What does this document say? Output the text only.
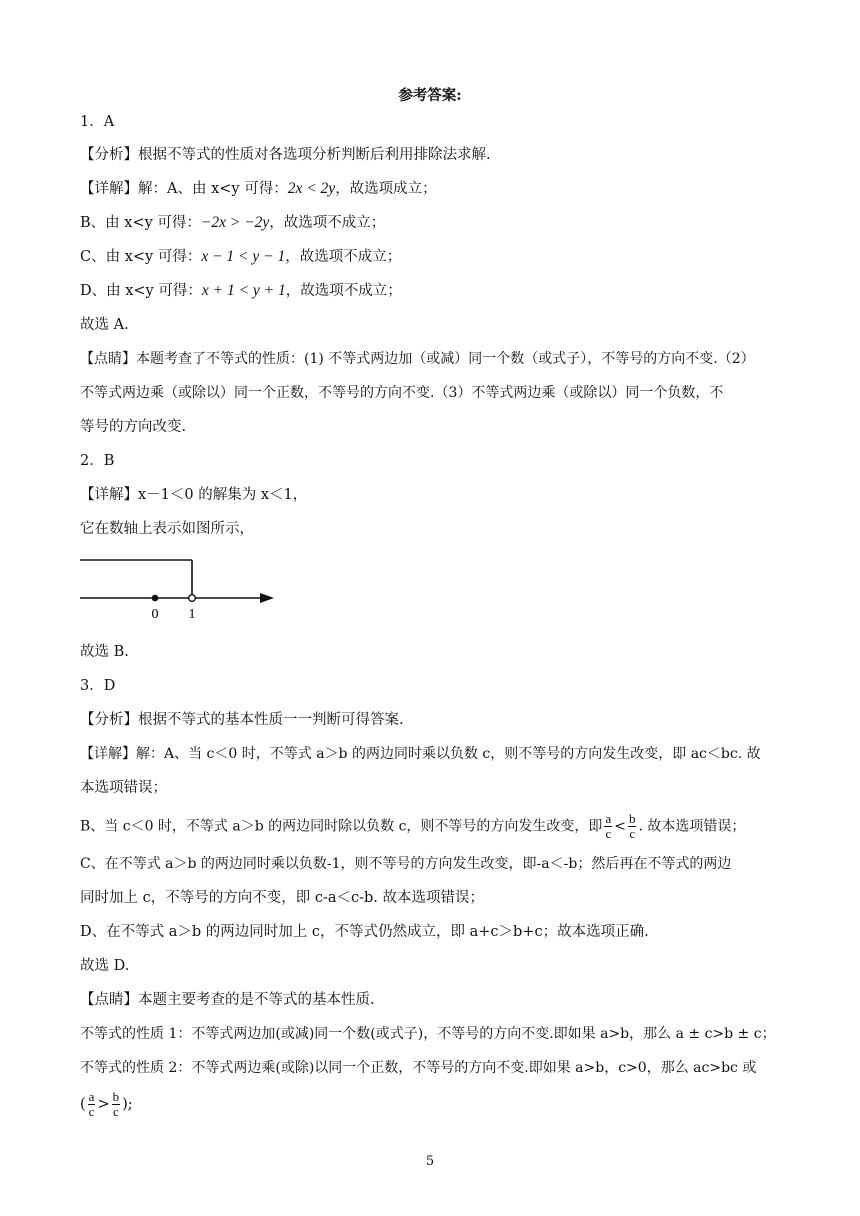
参考答案:
1．A
【分析】根据不等式的性质对各选项分析判断后利用排除法求解.
【详解】解：A、由 x<y 可得：2x < 2y，故选项成立；
B、由 x<y 可得：−2x > −2y，故选项不成立；
C、由 x<y 可得：x − 1 < y − 1，故选项不成立；
D、由 x<y 可得：x + 1 < y + 1，故选项不成立；
故选 A.
【点睛】本题考查了不等式的性质：(1) 不等式两边加（或减）同一个数（或式子），不等号的方向不变.（2）
不等式两边乘（或除以）同一个正数，不等号的方向不变.（3）不等式两边乘（或除以）同一个负数，不
等号的方向改变.
2．B
【详解】x－1＜0 的解集为 x＜1，
它在数轴上表示如图所示，
0 1
故选 B.
3．D
【分析】根据不等式的基本性质一一判断可得答案.
【详解】解：A、当 c＜0 时，不等式 a＞b 的两边同时乘以负数 c，则不等号的方向发生改变，即 ac＜bc. 故
本选项错误；
B、当 c＜0 时，不等式 a＞b 的两边同时除以负数 c，则不等号的方向发生改变，即 $\frac{a}{c} < \frac{b}{c}$ . 故本选项错误；
C、在不等式 a＞b 的两边同时乘以负数-1，则不等号的方向发生改变，即-a＜-b；然后再在不等式的两边
同时加上 c，不等号的方向不变，即 c-a＜c-b. 故本选项错误；
D、在不等式 a＞b 的两边同时加上 c，不等式仍然成立，即 a+c＞b+c；故本选项正确.
故选 D.
【点睛】本题主要考查的是不等式的基本性质.
不等式的性质 1：不等式两边加(或减)同一个数(或式子)，不等号的方向不变.即如果 a>b，那么 a ± c>b ± c；
不等式的性质 2：不等式两边乘(或除)以同一个正数，不等号的方向不变.即如果 a>b，c>0，那么 ac>bc 或
( $\frac{a}{c} > \frac{b}{c}$ );
5
